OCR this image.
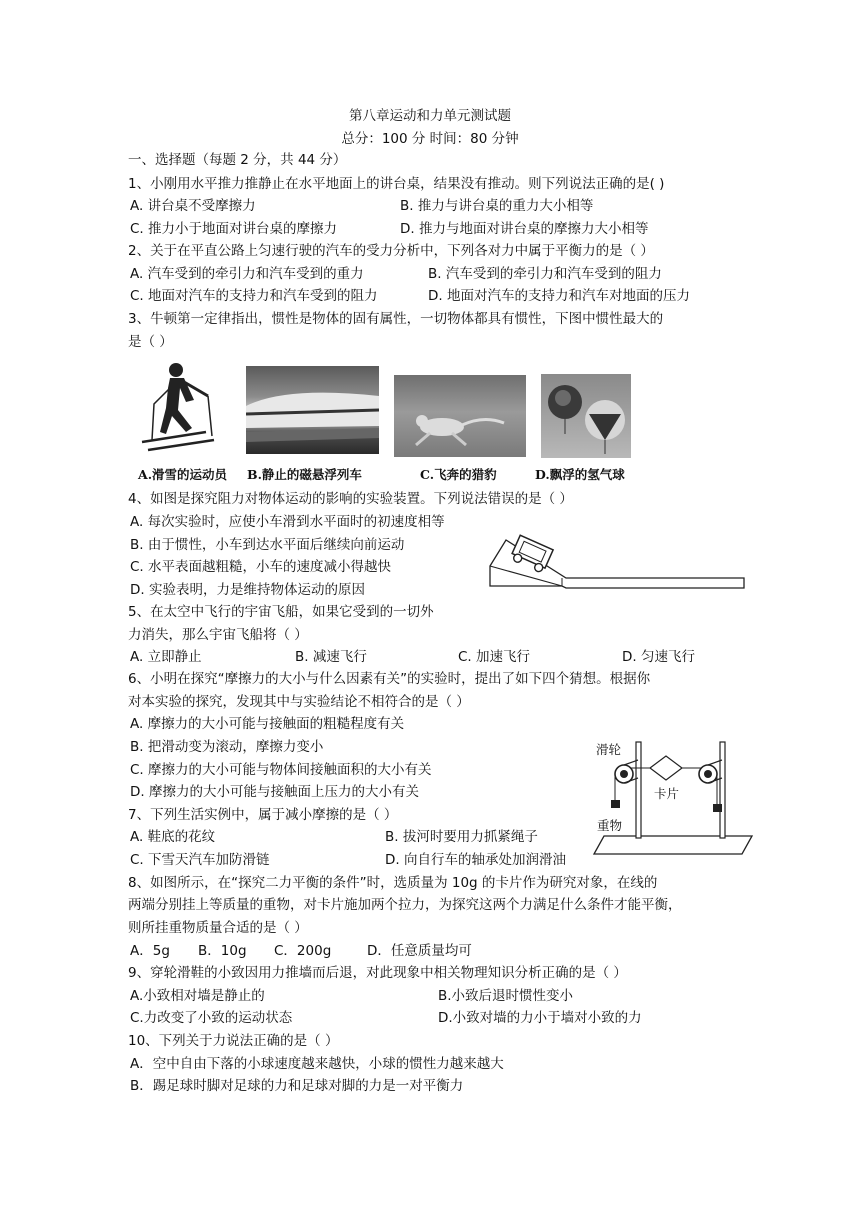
第八章运动和力单元测试题
总分：100 分 时间：80 分钟
一、选择题（每题 2 分，共 44 分）
1、小刚用水平推力推静止在水平地面上的讲台桌，结果没有推动。则下列说法正确的是( )
A. 讲台桌不受摩擦力	B. 推力与讲台桌的重力大小相等
C. 推力小于地面对讲台桌的摩擦力	D. 推力与地面对讲台桌的摩擦力大小相等
2、关于在平直公路上匀速行驶的汽车的受力分析中，下列各对力中属于平衡力的是（ ）
A. 汽车受到的牵引力和汽车受到的重力	B. 汽车受到的牵引力和汽车受到的阻力
C. 地面对汽车的支持力和汽车受到的阻力	D. 地面对汽车的支持力和汽车对地面的压力
3、牛顿第一定律指出，惯性是物体的固有属性，一切物体都具有惯性，下图中惯性最大的
是（ ）
A.滑雪的运动员 B.静止的磁悬浮列车	C.飞奔的猎豹	D.飘浮的氢气球
4、如图是探究阻力对物体运动的影响的实验装置。下列说法错误的是（ ）
A. 每次实验时，应使小车滑到水平面时的初速度相等
B. 由于惯性，小车到达水平面后继续向前运动
C. 水平表面越粗糙，小车的速度减小得越快
D. 实验表明，力是维持物体运动的原因
5、在太空中飞行的宇宙飞船，如果它受到的一切外
力消失，那么宇宙飞船将（ ）
A. 立即静止	B. 减速飞行	C. 加速飞行	D. 匀速飞行
6、小明在探究“摩擦力的大小与什么因素有关”的实验时，提出了如下四个猜想。根据你
对本实验的探究，发现其中与实验结论不相符合的是（ ）
A. 摩擦力的大小可能与接触面的粗糙程度有关
B. 把滑动变为滚动，摩擦力变小
C. 摩擦力的大小可能与物体间接触面积的大小有关
D. 摩擦力的大小可能与接触面上压力的大小有关
滑轮
卡片
重物
7、下列生活实例中，属于减小摩擦的是（ ）
A. 鞋底的花纹	B. 拔河时要用力抓紧绳子
C. 下雪天汽车加防滑链	D. 向自行车的轴承处加润滑油
8、如图所示，在“探究二力平衡的条件”时，选质量为 10g 的卡片作为研究对象，在线的
两端分别挂上等质量的重物，对卡片施加两个拉力，为探究这两个力满足什么条件才能平衡，
则所挂重物质量合适的是（ ）
A．5g B．10g C．200g	D．任意质量均可
9、穿轮滑鞋的小致因用力推墙而后退，对此现象中相关物理知识分析正确的是（ ）
A.小致相对墙是静止的	B.小致后退时惯性变小
C.力改变了小致的运动状态	D.小致对墙的力小于墙对小致的力
10、下列关于力说法正确的是（ ）
A．空中自由下落的小球速度越来越快，小球的惯性力越来越大
B．踢足球时脚对足球的力和足球对脚的力是一对平衡力
